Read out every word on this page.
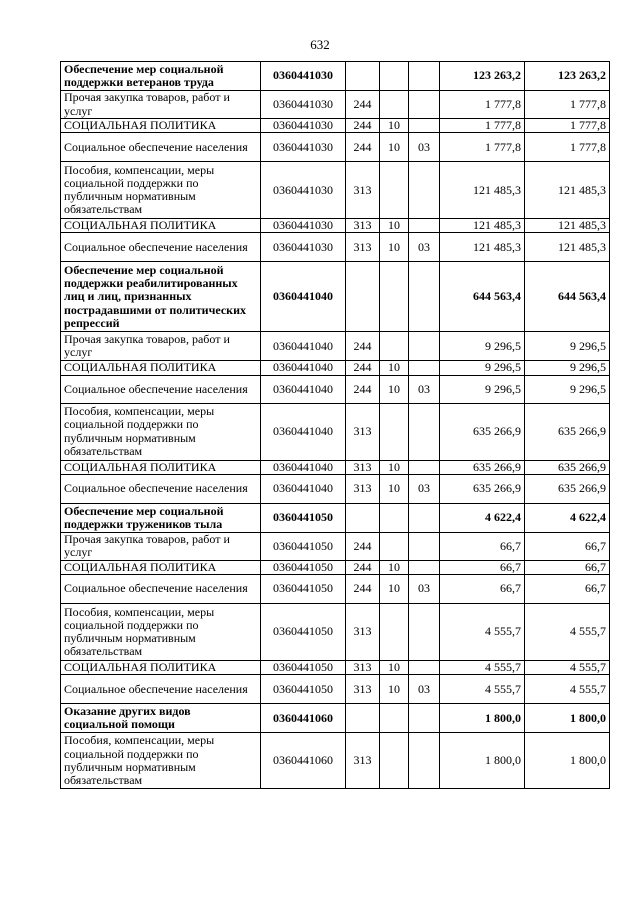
632
Обеспечение мер социальной поддержки ветеранов труда	0360441030				123 263,2	123 263,2
Прочая закупка товаров, работ и услуг	0360441030	244			1 777,8	1 777,8
СОЦИАЛЬНАЯ ПОЛИТИКА	0360441030	244	10		1 777,8	1 777,8
Социальное обеспечение населения	0360441030	244	10	03	1 777,8	1 777,8
Пособия, компенсации, меры социальной поддержки по публичным нормативным обязательствам	0360441030	313			121 485,3	121 485,3
СОЦИАЛЬНАЯ ПОЛИТИКА	0360441030	313	10		121 485,3	121 485,3
Социальное обеспечение населения	0360441030	313	10	03	121 485,3	121 485,3
Обеспечение мер социальной поддержки реабилитированных лиц и лиц, признанных пострадавшими от политических репрессий	0360441040				644 563,4	644 563,4
Прочая закупка товаров, работ и услуг	0360441040	244			9 296,5	9 296,5
СОЦИАЛЬНАЯ ПОЛИТИКА	0360441040	244	10		9 296,5	9 296,5
Социальное обеспечение населения	0360441040	244	10	03	9 296,5	9 296,5
Пособия, компенсации, меры социальной поддержки по публичным нормативным обязательствам	0360441040	313			635 266,9	635 266,9
СОЦИАЛЬНАЯ ПОЛИТИКА	0360441040	313	10		635 266,9	635 266,9
Социальное обеспечение населения	0360441040	313	10	03	635 266,9	635 266,9
Обеспечение мер социальной поддержки тружеников тыла	0360441050				4 622,4	4 622,4
Прочая закупка товаров, работ и услуг	0360441050	244			66,7	66,7
СОЦИАЛЬНАЯ ПОЛИТИКА	0360441050	244	10		66,7	66,7
Социальное обеспечение населения	0360441050	244	10	03	66,7	66,7
Пособия, компенсации, меры социальной поддержки по публичным нормативным обязательствам	0360441050	313			4 555,7	4 555,7
СОЦИАЛЬНАЯ ПОЛИТИКА	0360441050	313	10		4 555,7	4 555,7
Социальное обеспечение населения	0360441050	313	10	03	4 555,7	4 555,7
Оказание других видов социальной помощи	0360441060				1 800,0	1 800,0
Пособия, компенсации, меры социальной поддержки по публичным нормативным обязательствам	0360441060	313			1 800,0	1 800,0
